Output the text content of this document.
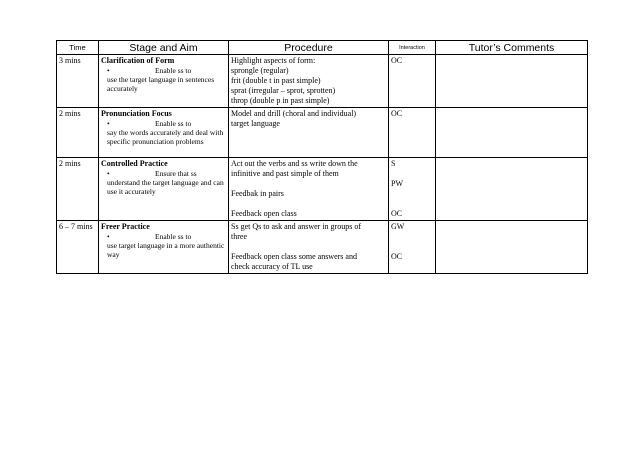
Time	Stage and Aim	Procedure	Interaction	Tutor’s Comments
3 mins	Clarification of Form
• Enable ss to
use the target language in sentences accurately	Highlight aspects of form:
sprongle (regular)
frit (double t in past simple)
sprat (irregular – sprot, sprotten)
throp (double p in past simple)	OC	

2 mins	Pronunciation Focus
• Enable ss to
say the words accurately and deal with specific pronunciation problems	Model and drill (choral and individual)
target language	OC	

2 mins	Controlled Practice
• Ensure that ss
understand the target language and can use it accurately	Act out the verbs and ss write down the
infinitive and past simple of them
Feedbak in pairs
Feedback open class	S
PW
OC	

6 – 7 mins	Freer Practice
• Enable ss to
use target language in a more authentic way	Ss get Qs to ask and answer in groups of
three
Feedback open class some answers and
check accuracy of TL use	GW
OC	
